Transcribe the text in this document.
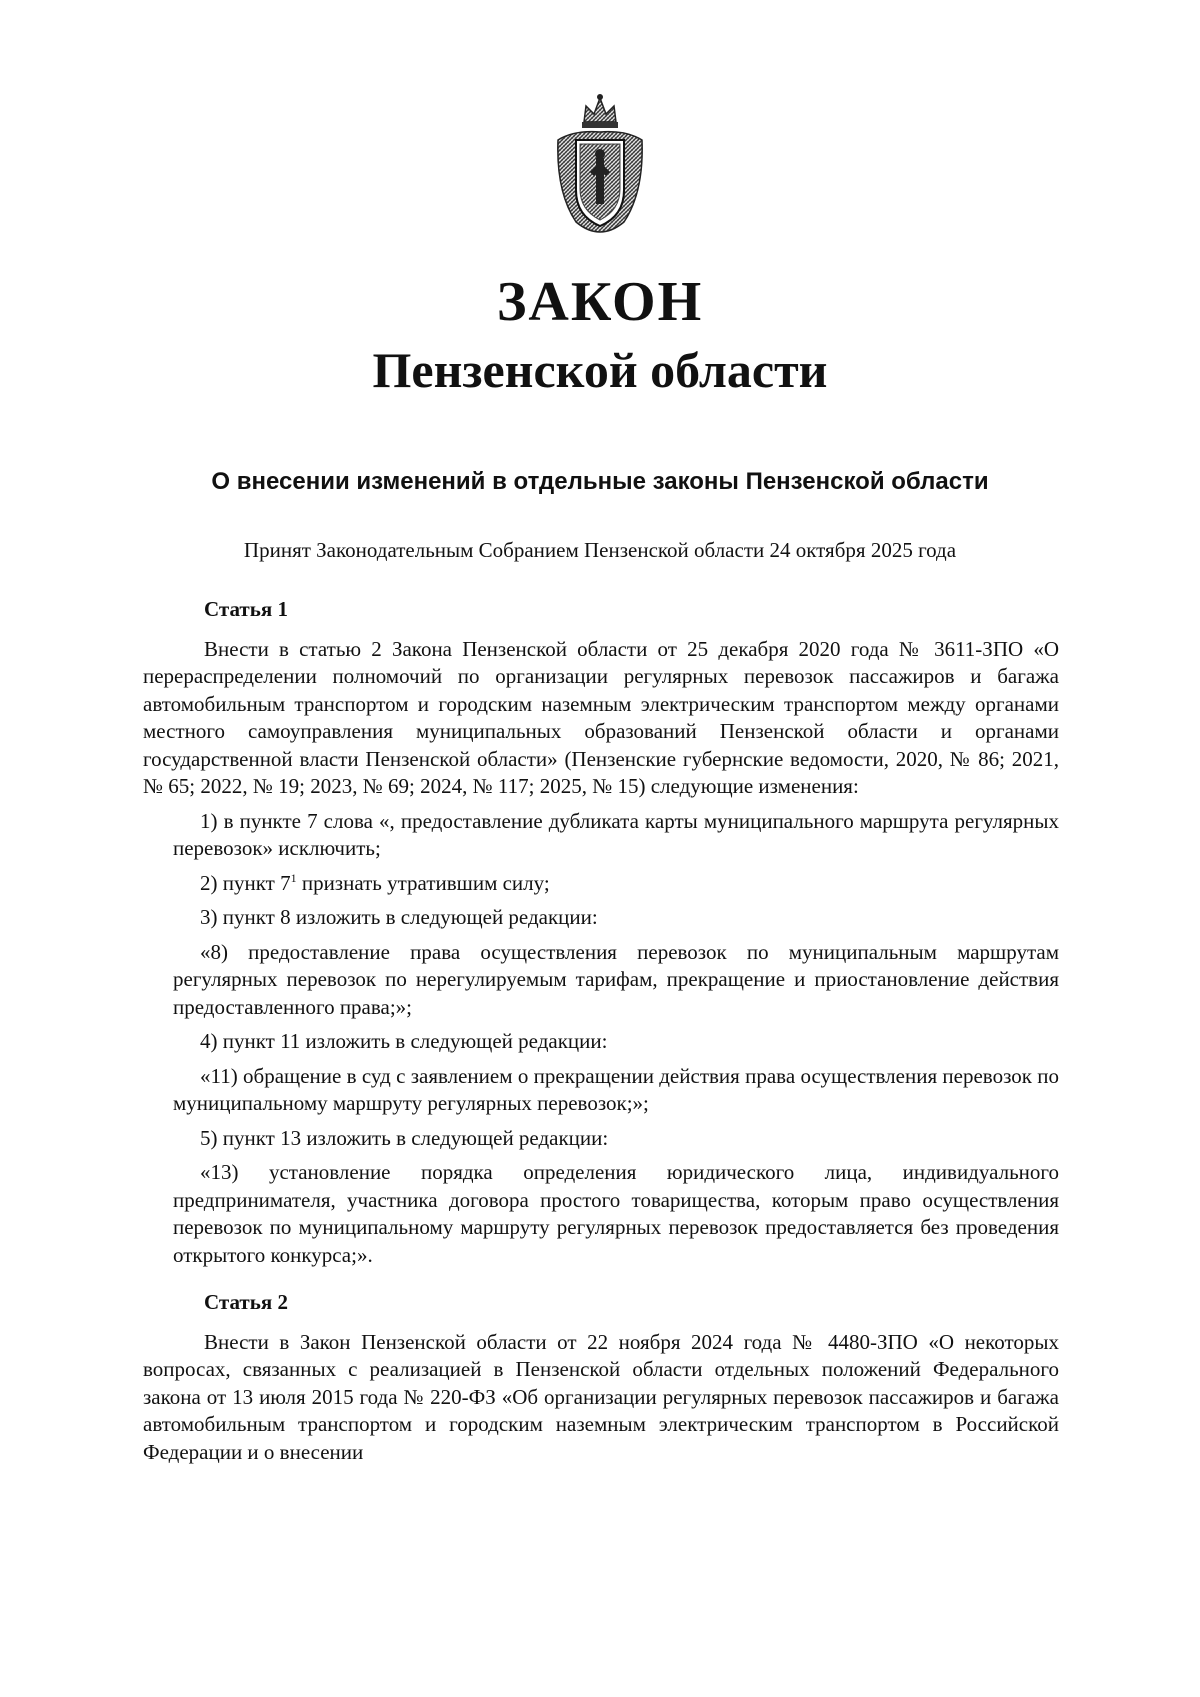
ЗАКОН
Пензенской области
О внесении изменений в отдельные законы Пензенской области
Принят Законодательным Собранием Пензенской области 24 октября 2025 года

Статья 1

Внести в статью 2 Закона Пензенской области от 25 декабря 2020 года № 3611-ЗПО «О перераспределении полномочий по организации регулярных перевозок пассажиров и багажа автомобильным транспортом и городским наземным электрическим транспортом между органами местного самоуправления муниципальных образований Пензенской области и органами государственной власти Пензенской области» (Пензенские губернские ведомости, 2020, № 86; 2021, № 65; 2022, № 19; 2023, № 69; 2024, № 117; 2025, № 15) следующие изменения:

1) в пункте 7 слова «, предоставление дубликата карты муниципального маршрута регулярных перевозок» исключить;

2) пункт $7^1$ признать утратившим силу;

3) пункт 8 изложить в следующей редакции:

«8) предоставление права осуществления перевозок по муниципальным маршрутам регулярных перевозок по нерегулируемым тарифам, прекращение и приостановление действия предоставленного права;»;

4) пункт 11 изложить в следующей редакции:

«11) обращение в суд с заявлением о прекращении действия права осуществления перевозок по муниципальному маршруту регулярных перевозок;»;

5) пункт 13 изложить в следующей редакции:

«13) установление порядка определения юридического лица, индивидуального предпринимателя, участника договора простого товарищества, которым право осуществления перевозок по муниципальному маршруту регулярных перевозок предоставляется без проведения открытого конкурса;».

Статья 2

Внести в Закон Пензенской области от 22 ноября 2024 года № 4480-ЗПО «О некоторых вопросах, связанных с реализацией в Пензенской области отдельных положений Федерального закона от 13 июля 2015 года № 220-ФЗ «Об организации регулярных перевозок пассажиров и багажа автомобильным транспортом и городским наземным электрическим транспортом в Российской Федерации и о внесении
